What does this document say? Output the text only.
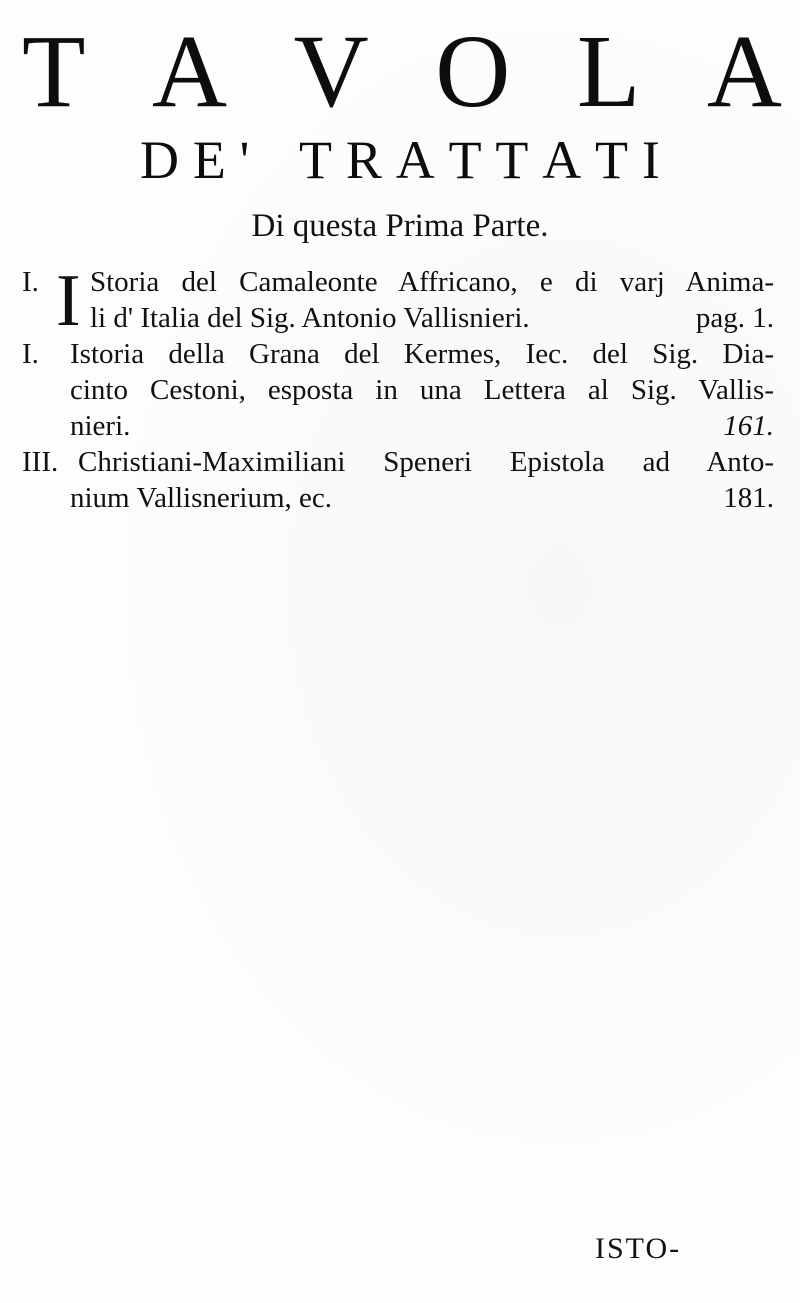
T A V O L A
D E ' T R A T T A T I
Di questa Prima Parte.
I. I Storia del Camaleonte Affricano, e di varj Anima-
li d' Italia del Sig. Antonio Vallisnieri.	pag. 1.
I. Istoria della Grana del Kermes, Iec. del Sig. Dia-
cinto Cestoni, esposta in una Lettera al Sig. Vallis-
nieri.	161.
III. Christiani-Maximiliani Speneri Epistola ad Anto-
nium Vallisnerium, ec.	181.
ISTO-
